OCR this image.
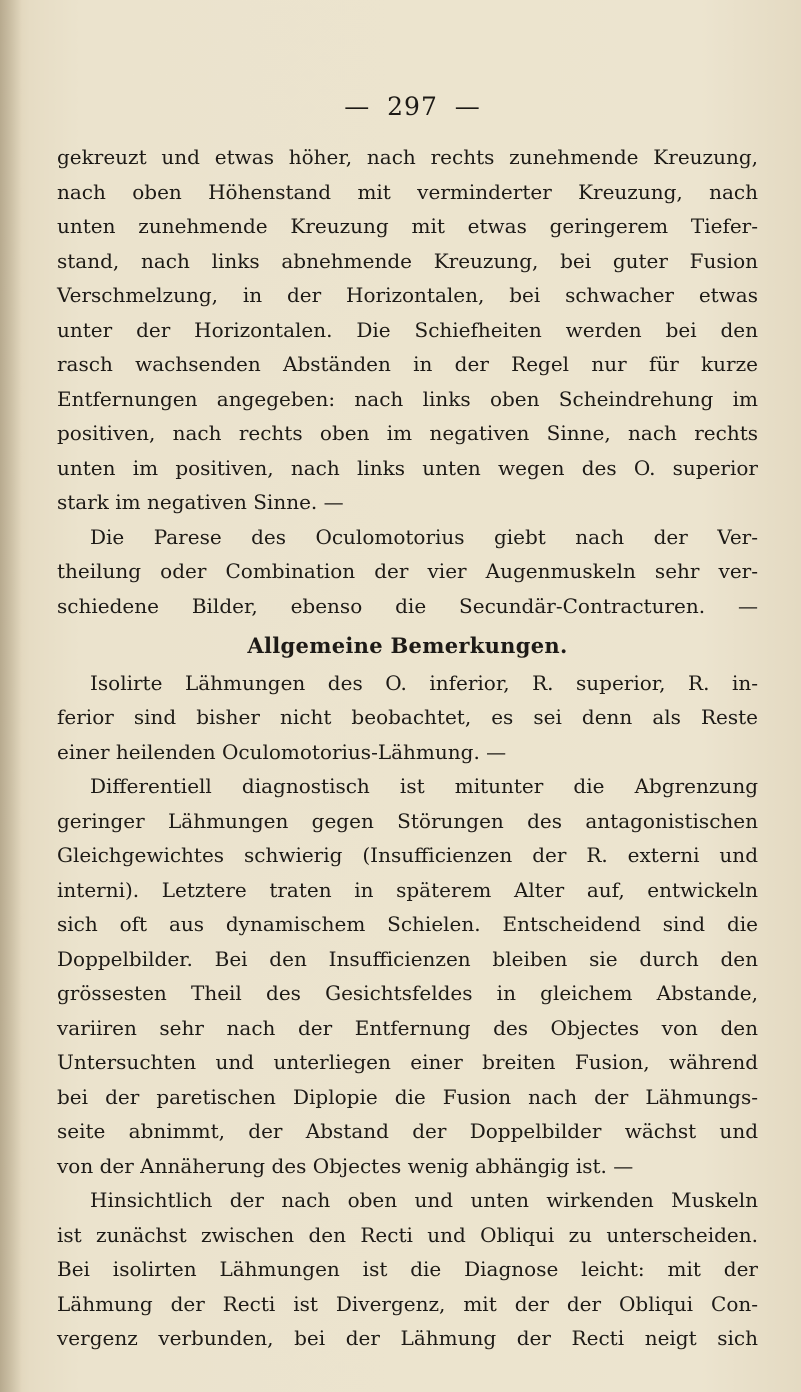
— 297 —
gekreuzt und etwas höher, nach rechts zunehmende Kreuzung,
nach oben Höhenstand mit verminderter Kreuzung, nach
unten zunehmende Kreuzung mit etwas geringerem Tiefer-
stand, nach links abnehmende Kreuzung, bei guter Fusion
Verschmelzung, in der Horizontalen, bei schwacher etwas
unter der Horizontalen. Die Schiefheiten werden bei den
rasch wachsenden Abständen in der Regel nur für kurze
Entfernungen angegeben: nach links oben Scheindrehung im
positiven, nach rechts oben im negativen Sinne, nach rechts
unten im positiven, nach links unten wegen des O. superior
stark im negativen Sinne. —
Die Parese des Oculomotorius giebt nach der Ver-
theilung oder Combination der vier Augenmuskeln sehr ver-
schiedene Bilder, ebenso die Secundär-Contracturen. —
Allgemeine Bemerkungen.
Isolirte Lähmungen des O. inferior, R. superior, R. in-
ferior sind bisher nicht beobachtet, es sei denn als Reste
einer heilenden Oculomotorius-Lähmung. —
Differentiell diagnostisch ist mitunter die Abgrenzung
geringer Lähmungen gegen Störungen des antagonistischen
Gleichgewichtes schwierig (Insufficienzen der R. externi und
interni). Letztere traten in späterem Alter auf, entwickeln
sich oft aus dynamischem Schielen. Entscheidend sind die
Doppelbilder. Bei den Insufficienzen bleiben sie durch den
grössesten Theil des Gesichtsfeldes in gleichem Abstande,
variiren sehr nach der Entfernung des Objectes von den
Untersuchten und unterliegen einer breiten Fusion, während
bei der paretischen Diplopie die Fusion nach der Lähmungs-
seite abnimmt, der Abstand der Doppelbilder wächst und
von der Annäherung des Objectes wenig abhängig ist. —
Hinsichtlich der nach oben und unten wirkenden Muskeln
ist zunächst zwischen den Recti und Obliqui zu unterscheiden.
Bei isolirten Lähmungen ist die Diagnose leicht: mit der
Lähmung der Recti ist Divergenz, mit der der Obliqui Con-
vergenz verbunden, bei der Lähmung der Recti neigt sich
